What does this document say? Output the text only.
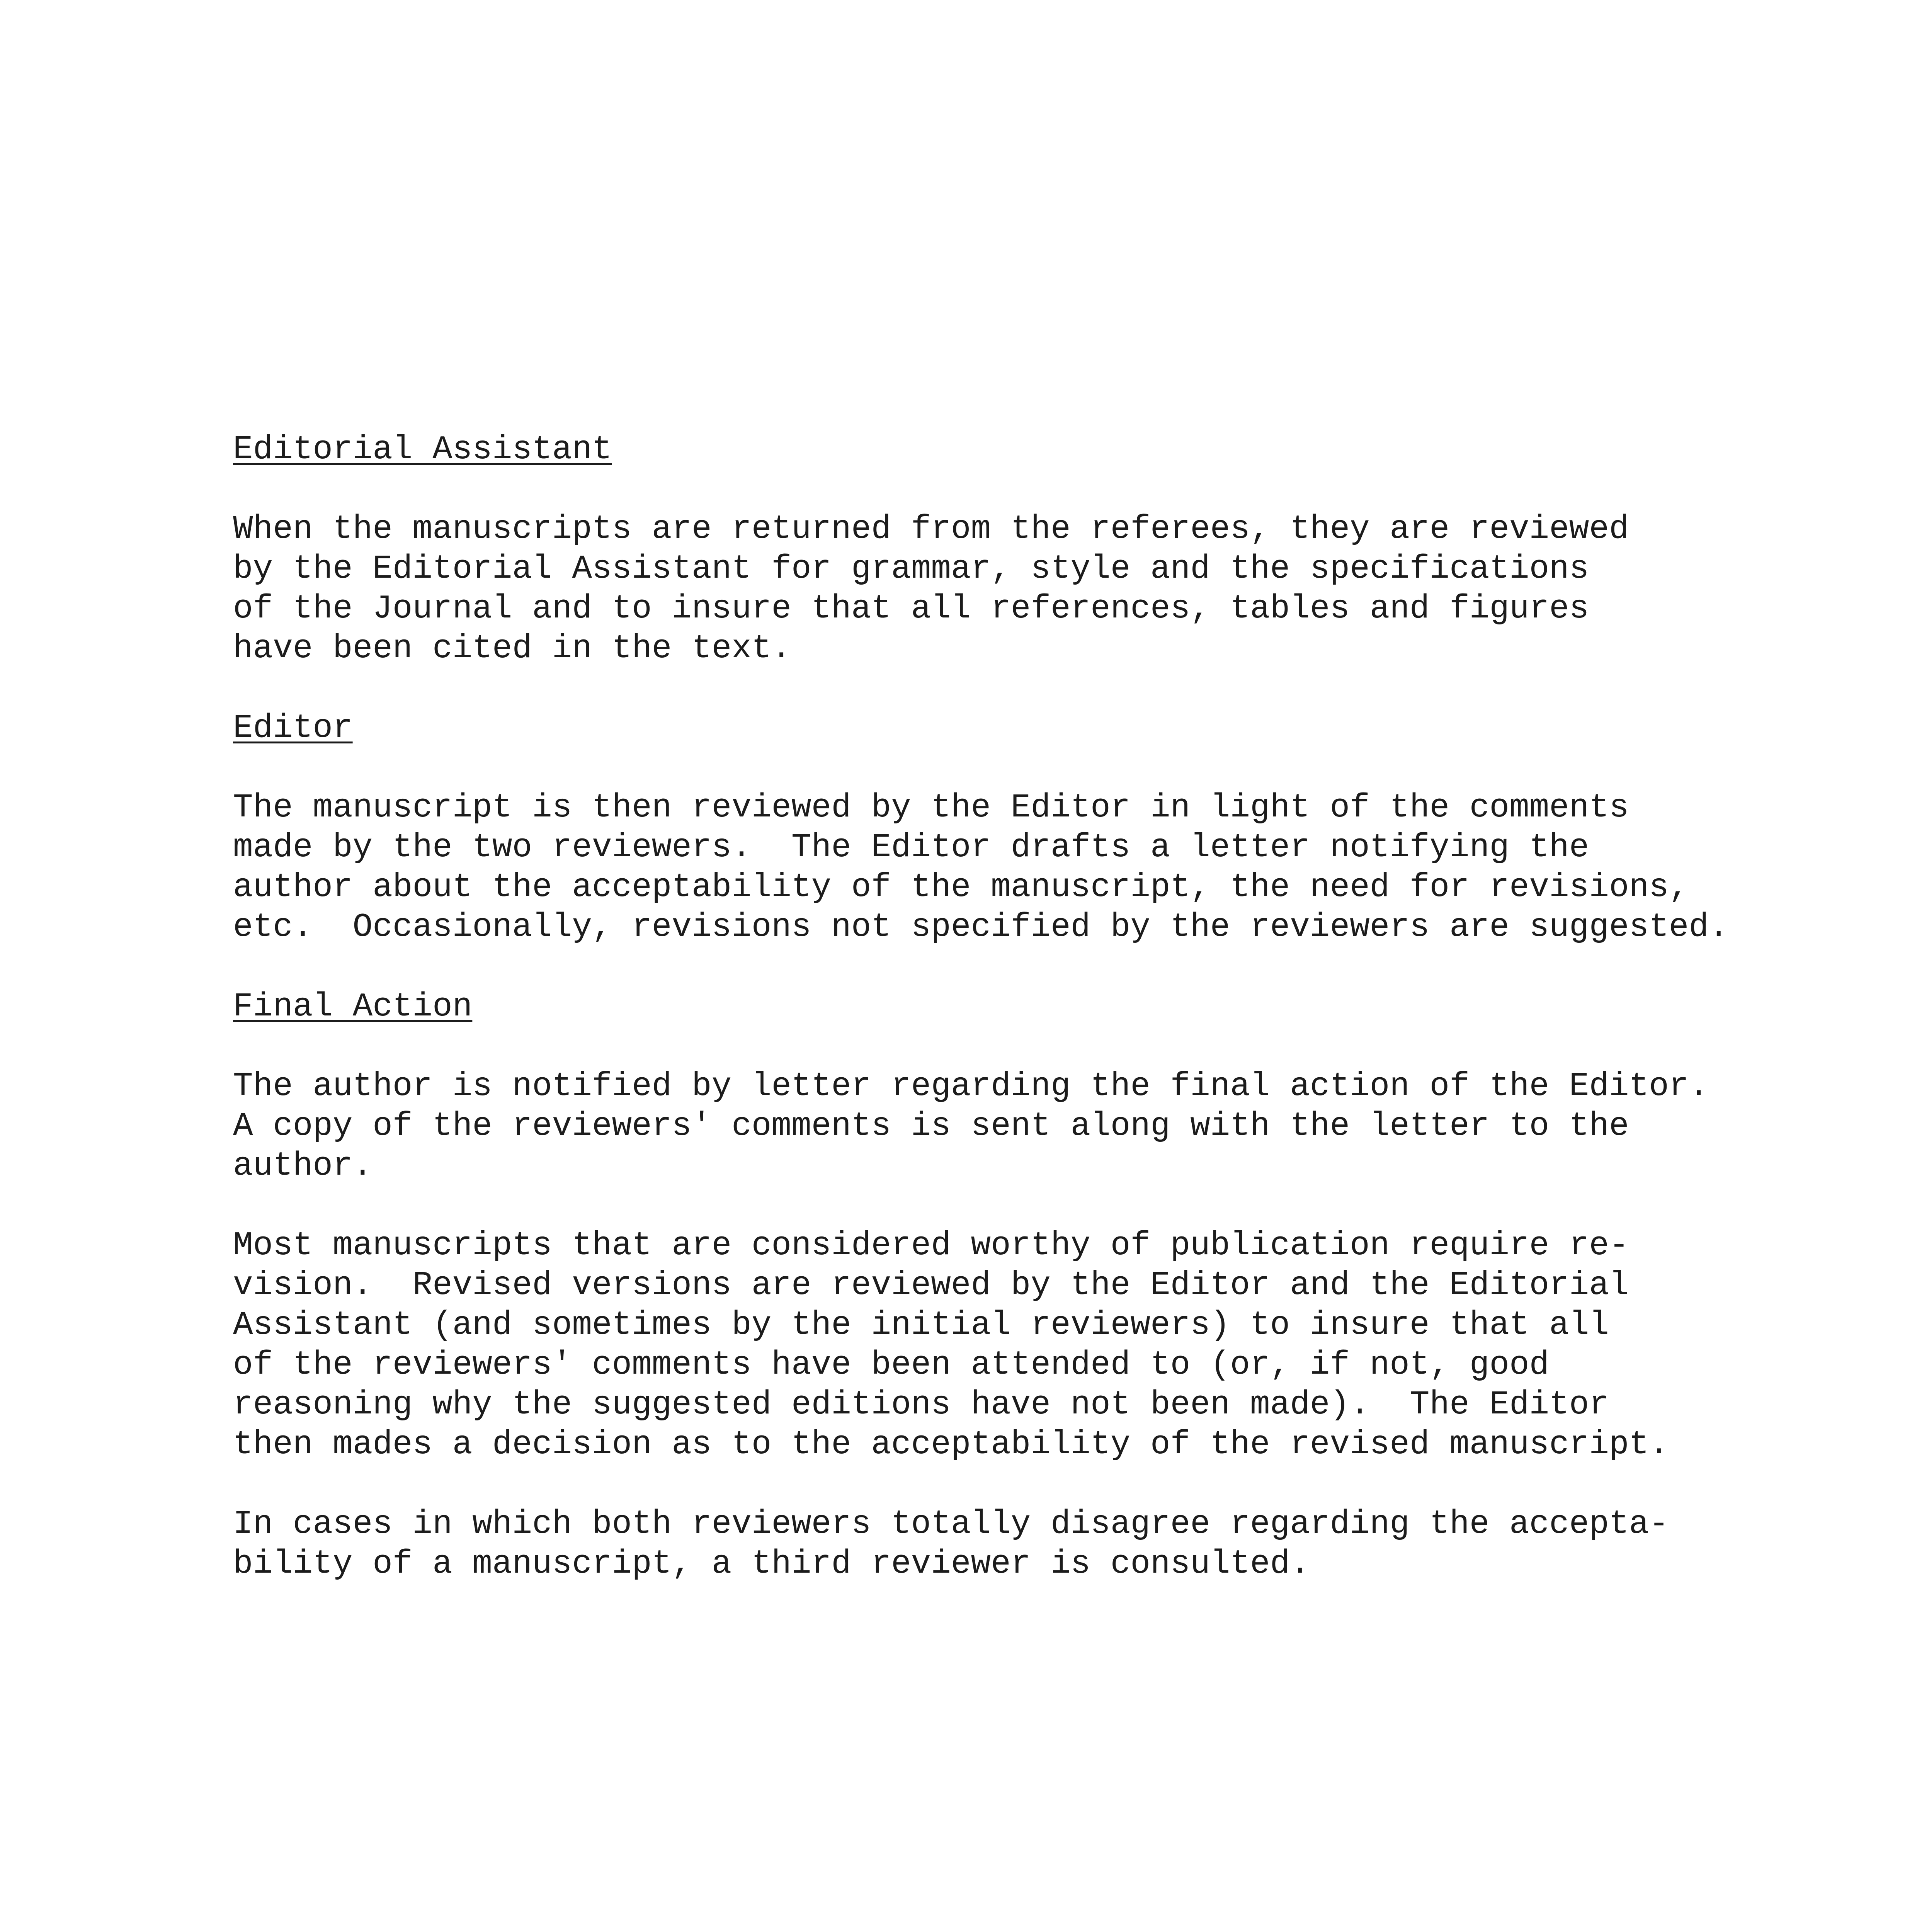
Editorial Assistant
When the manuscripts are returned from the referees, they are reviewed
by the Editorial Assistant for grammar, style and the specifications
of the Journal and to insure that all references, tables and figures
have been cited in the text.
Editor
The manuscript is then reviewed by the Editor in light of the comments
made by the two reviewers.  The Editor drafts a letter notifying the
author about the acceptability of the manuscript, the need for revisions,
etc.  Occasionally, revisions not specified by the reviewers are suggested.
Final Action
The author is notified by letter regarding the final action of the Editor.
A copy of the reviewers' comments is sent along with the letter to the
author.
Most manuscripts that are considered worthy of publication require re-
vision.  Revised versions are reviewed by the Editor and the Editorial
Assistant (and sometimes by the initial reviewers) to insure that all
of the reviewers' comments have been attended to (or, if not, good
reasoning why the suggested editions have not been made).  The Editor
then mades a decision as to the acceptability of the revised manuscript.
In cases in which both reviewers totally disagree regarding the accepta-
bility of a manuscript, a third reviewer is consulted.
